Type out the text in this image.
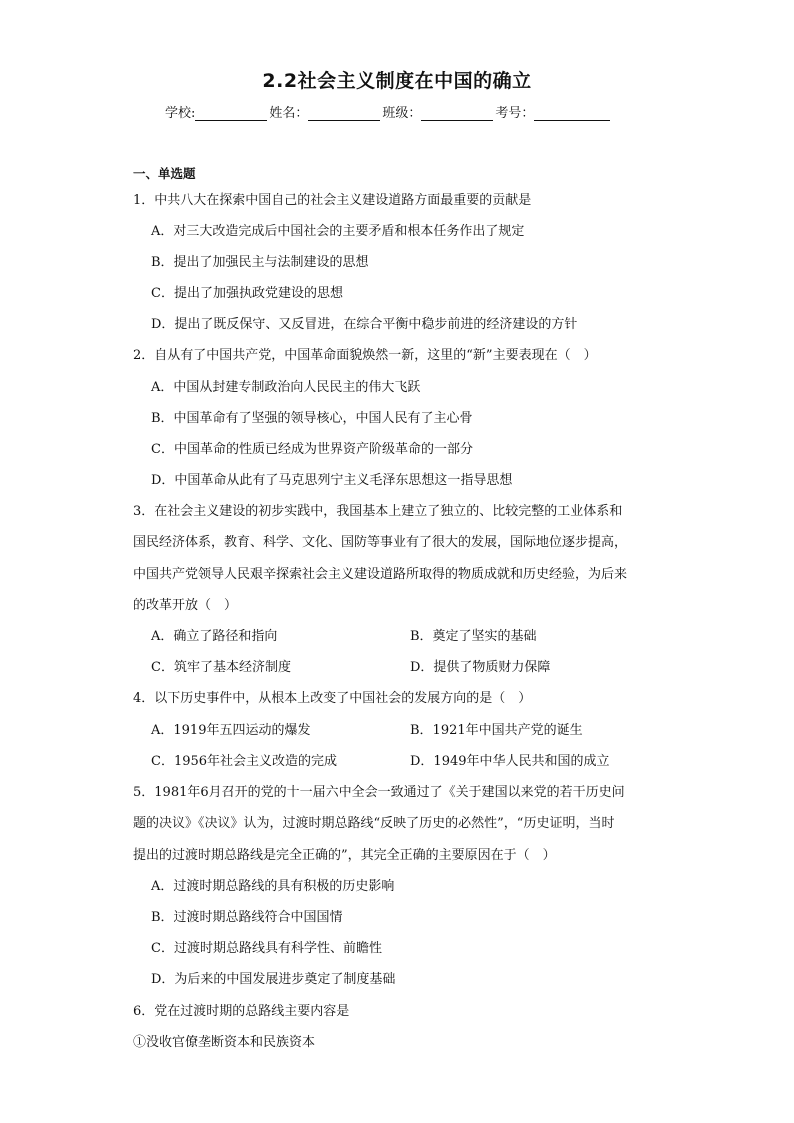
2.2社会主义制度在中国的确立
学校:	姓名：	班级：	考号：
一、单选题
1．中共八大在探索中国自己的社会主义建设道路方面最重要的贡献是
A．对三大改造完成后中国社会的主要矛盾和根本任务作出了规定
B．提出了加强民主与法制建设的思想
C．提出了加强执政党建设的思想
D．提出了既反保守、又反冒进，在综合平衡中稳步前进的经济建设的方针
2．自从有了中国共产党，中国革命面貌焕然一新，这里的“新”主要表现在（　）
A．中国从封建专制政治向人民民主的伟大飞跃
B．中国革命有了坚强的领导核心，中国人民有了主心骨
C．中国革命的性质已经成为世界资产阶级革命的一部分
D．中国革命从此有了马克思列宁主义毛泽东思想这一指导思想
3．在社会主义建设的初步实践中，我国基本上建立了独立的、比较完整的工业体系和
国民经济体系，教育、科学、文化、国防等事业有了很大的发展，国际地位逐步提高，
中国共产党领导人民艰辛探索社会主义建设道路所取得的物质成就和历史经验，为后来
的改革开放（　）
A．确立了路径和指向	B．奠定了坚实的基础
C．筑牢了基本经济制度	D．提供了物质财力保障
4．以下历史事件中，从根本上改变了中国社会的发展方向的是（　）
A．1919年五四运动的爆发	B．1921年中国共产党的诞生
C．1956年社会主义改造的完成	D．1949年中华人民共和国的成立
5．1981年6月召开的党的十一届六中全会一致通过了《关于建国以来党的若干历史问
题的决议》《决议》认为，过渡时期总路线“反映了历史的必然性”，“历史证明，当时
提出的过渡时期总路线是完全正确的”，其完全正确的主要原因在于（　）
A．过渡时期总路线的具有积极的历史影响
B．过渡时期总路线符合中国国情
C．过渡时期总路线具有科学性、前瞻性
D．为后来的中国发展进步奠定了制度基础
6．党在过渡时期的总路线主要内容是
①没收官僚垄断资本和民族资本
